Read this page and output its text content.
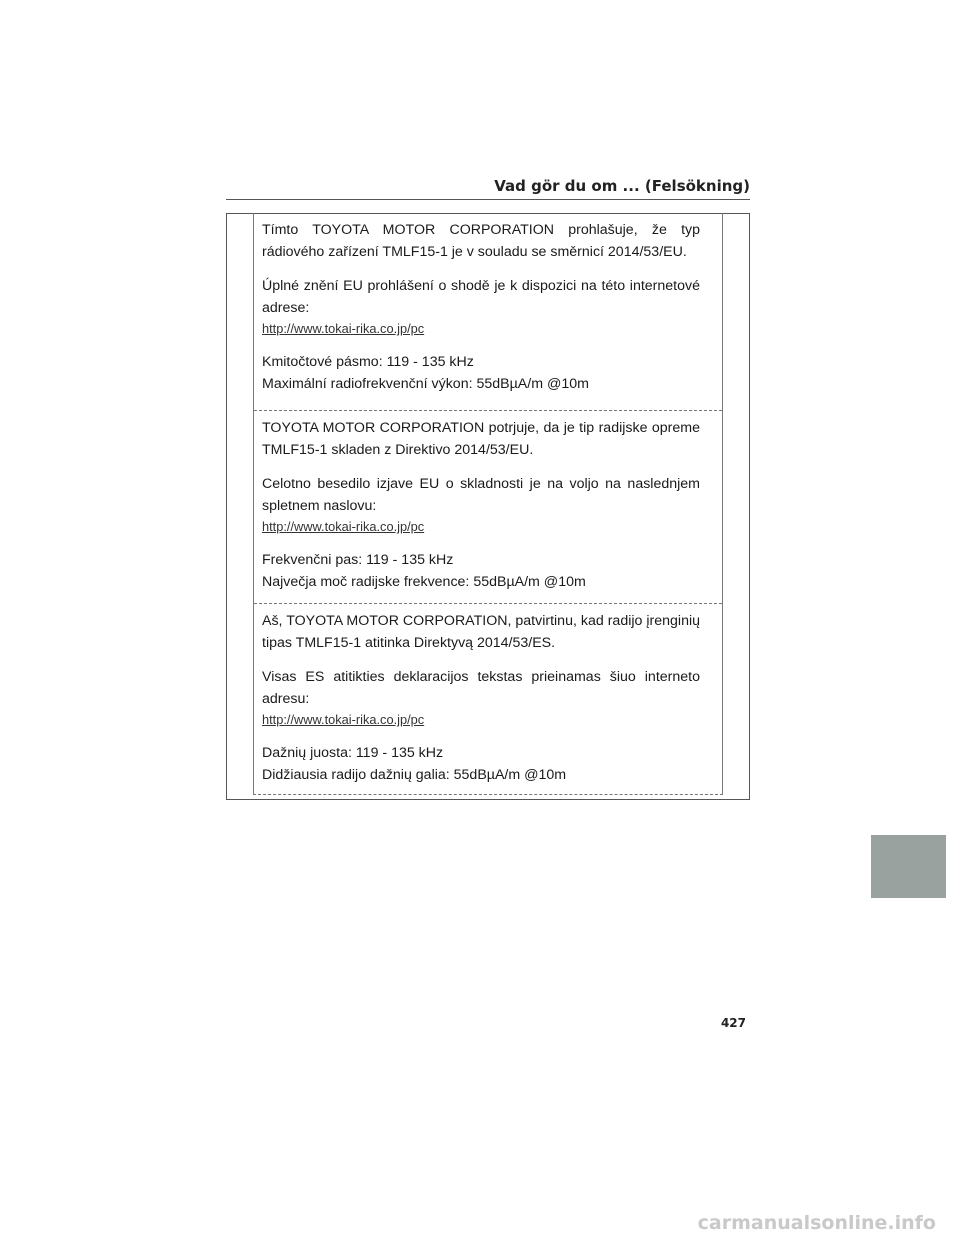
Vad gör du om ... (Felsökning)

Tímto TOYOTA MOTOR CORPORATION prohlašuje, že typ rádiového zařízení TMLF15-1 je v souladu se směrnicí 2014/53/EU.

Úplné znění EU prohlášení o shodě je k dispozici na této internetové adrese:

http://www.tokai-rika.co.jp/pc

Kmitočtové pásmo: 119 - 135 kHz

Maximální radiofrekvenční výkon: 55dBµA/m @10m

TOYOTA MOTOR CORPORATION potrjuje, da je tip radijske opreme TMLF15-1 skladen z Direktivo 2014/53/EU.

Celotno besedilo izjave EU o skladnosti je na voljo na naslednjem spletnem naslovu:

http://www.tokai-rika.co.jp/pc

Frekvenčni pas: 119 - 135 kHz

Največja moč radijske frekvence: 55dBµA/m @10m

Aš, TOYOTA MOTOR CORPORATION, patvirtinu, kad radijo įrenginių tipas TMLF15-1 atitinka Direktyvą 2014/53/ES.

Visas ES atitikties deklaracijos tekstas prieinamas šiuo interneto adresu:

http://www.tokai-rika.co.jp/pc

Dažnių juosta: 119 - 135 kHz

Didžiausia radijo dažnių galia: 55dBµA/m @10m

427
carmanualsonline.info
